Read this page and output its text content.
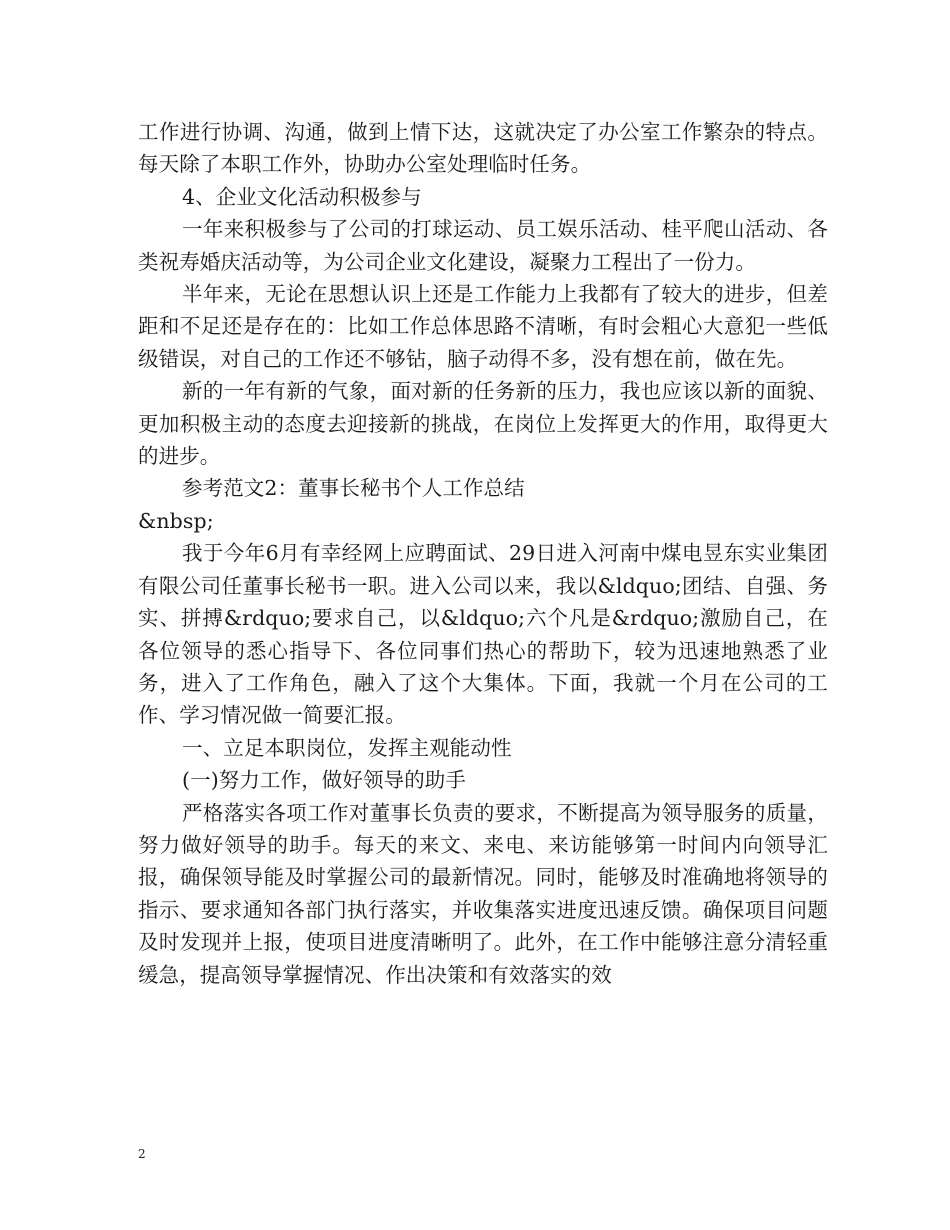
工作进行协调、沟通，做到上情下达，这就决定了办公室工作繁杂的特点。每天除了本职工作外，协助办公室处理临时任务。

4、企业文化活动积极参与

一年来积极参与了公司的打球运动、员工娱乐活动、桂平爬山活动、各类祝寿婚庆活动等，为公司企业文化建设，凝聚力工程出了一份力。

半年来，无论在思想认识上还是工作能力上我都有了较大的进步，但差距和不足还是存在的：比如工作总体思路不清晰，有时会粗心大意犯一些低级错误，对自己的工作还不够钻，脑子动得不多，没有想在前，做在先。

新的一年有新的气象，面对新的任务新的压力，我也应该以新的面貌、更加积极主动的态度去迎接新的挑战，在岗位上发挥更大的作用，取得更大的进步。

参考范文2：董事长秘书个人工作总结

&nbsp;

我于今年6月有幸经网上应聘面试、29日进入河南中煤电昱东实业集团有限公司任董事长秘书一职。进入公司以来，我以&ldquo;团结、自强、务实、拼搏&rdquo;要求自己，以&ldquo;六个凡是&rdquo;激励自己，在各位领导的悉心指导下、各位同事们热心的帮助下，较为迅速地熟悉了业务，进入了工作角色，融入了这个大集体。下面，我就一个月在公司的工作、学习情况做一简要汇报。

一、立足本职岗位，发挥主观能动性

(一)努力工作，做好领导的助手

严格落实各项工作对董事长负责的要求，不断提高为领导服务的质量，努力做好领导的助手。每天的来文、来电、来访能够第一时间内向领导汇报，确保领导能及时掌握公司的最新情况。同时，能够及时准确地将领导的指示、要求通知各部门执行落实，并收集落实进度迅速反馈。确保项目问题及时发现并上报，使项目进度清晰明了。此外，在工作中能够注意分清轻重缓急，提高领导掌握情况、作出决策和有效落实的效

2
